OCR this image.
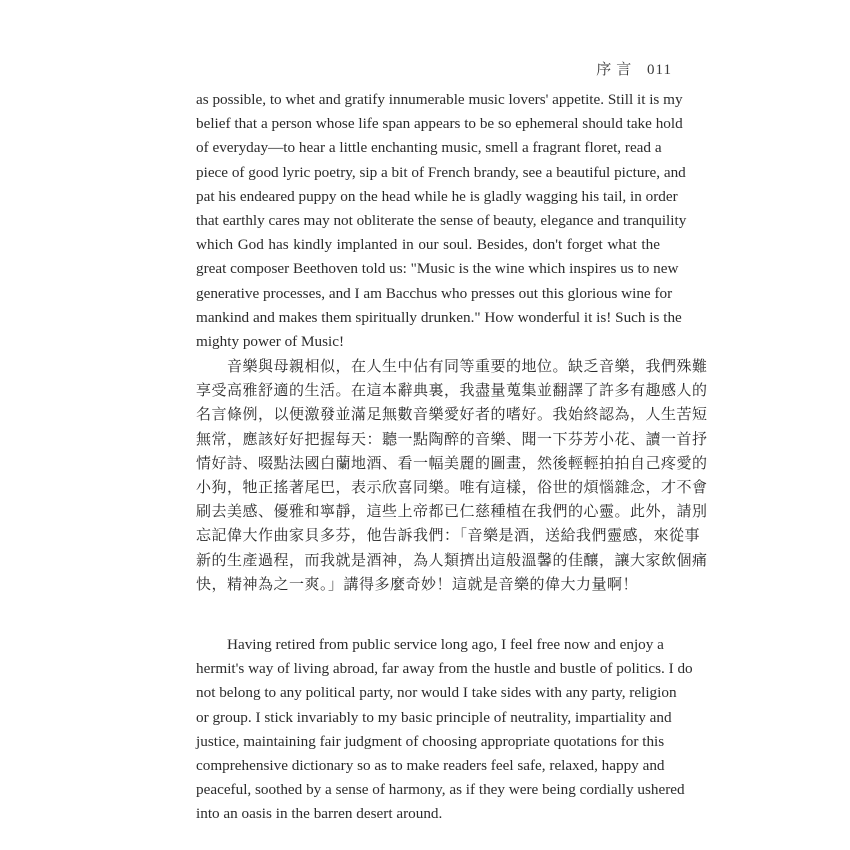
序言 011
as possible, to whet and gratify innumerable music lovers' appetite. Still it is my
belief that a person whose life span appears to be so ephemeral should take hold
of everyday—to hear a little enchanting music, smell a fragrant floret, read a
piece of good lyric poetry, sip a bit of French brandy, see a beautiful picture, and
pat his endeared puppy on the head while he is gladly wagging his tail, in order
that earthly cares may not obliterate the sense of beauty, elegance and tranquility
which God has kindly implanted in our soul. Besides, don't forget what the
great composer Beethoven told us: "Music is the wine which inspires us to new
generative processes, and I am Bacchus who presses out this glorious wine for
mankind and makes them spiritually drunken." How wonderful it is! Such is the
mighty power of Music!
音樂與母親相似，在人生中佔有同等重要的地位。缺乏音樂，我們殊難
享受高雅舒適的生活。在這本辭典裏，我盡量蒐集並翻譯了許多有趣感人的
名言條例，以便激發並滿足無數音樂愛好者的嗜好。我始終認為，人生苦短
無常，應該好好把握每天：聽一點陶醉的音樂、聞一下芬芳小花、讀一首抒
情好詩、啜點法國白蘭地酒、看一幅美麗的圖畫，然後輕輕拍拍自己疼愛的
小狗，牠正搖著尾巴，表示欣喜同樂。唯有這樣，俗世的煩惱雜念，才不會
刷去美感、優雅和寧靜，這些上帝都已仁慈種植在我們的心靈。此外，請別
忘記偉大作曲家貝多芬，他告訴我們：「音樂是酒，送給我們靈感，來從事
新的生產過程，而我就是酒神，為人類擠出這般溫馨的佳釀，讓大家飲個痛
快，精神為之一爽。」講得多麼奇妙！這就是音樂的偉大力量啊！
Having retired from public service long ago, I feel free now and enjoy a
hermit's way of living abroad, far away from the hustle and bustle of politics. I do
not belong to any political party, nor would I take sides with any party, religion
or group. I stick invariably to my basic principle of neutrality, impartiality and
justice, maintaining fair judgment of choosing appropriate quotations for this
comprehensive dictionary so as to make readers feel safe, relaxed, happy and
peaceful, soothed by a sense of harmony, as if they were being cordially ushered
into an oasis in the barren desert around.
